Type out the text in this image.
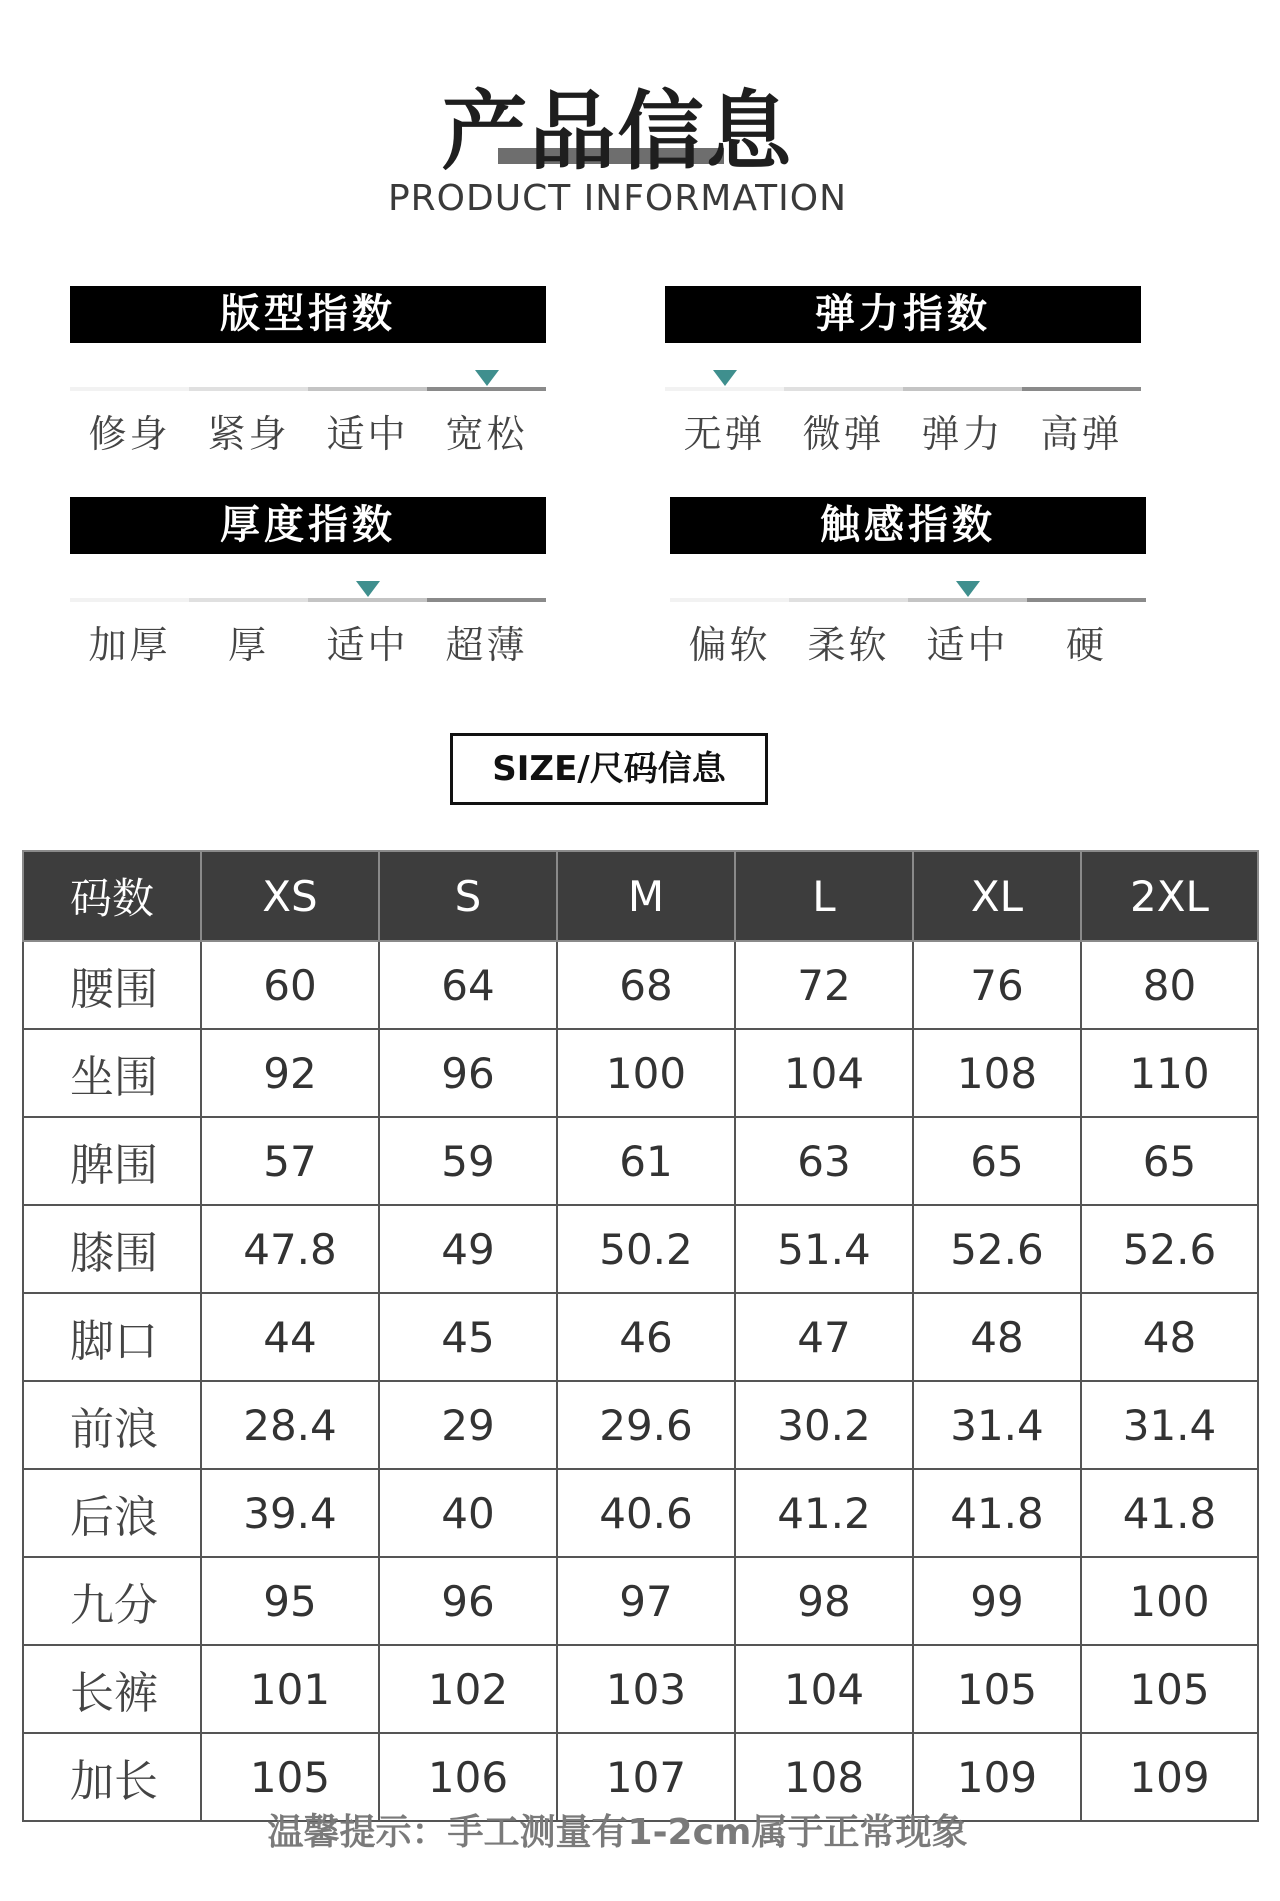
产品信息
PRODUCT INFORMATION
版型指数
修身 紧身 适中 宽松
弹力指数
无弹 微弹 弹力 高弹
厚度指数
加厚	厚	适中 超薄
触感指数
偏软 柔软 适中	硬
SIZE/尺码信息
码数	XS	S	M	L	XL	2XL
腰围	60	64	68	72	76	80
坐围	92	96	100	104	108	110
脾围	57	59	61	63	65	65
膝围	47.8	49	50.2	51.4	52.6	52.6
脚口	44	45	46	47	48	48
前浪	28.4	29	29.6	30.2	31.4	31.4
后浪	39.4	40	40.6	41.2	41.8	41.8
九分	95	96	97	98	99	100
长裤	101	102	103	104	105	105
加长	105	106	107	108	109	109
温馨提示：手工测量有1-2cm属于正常现象
